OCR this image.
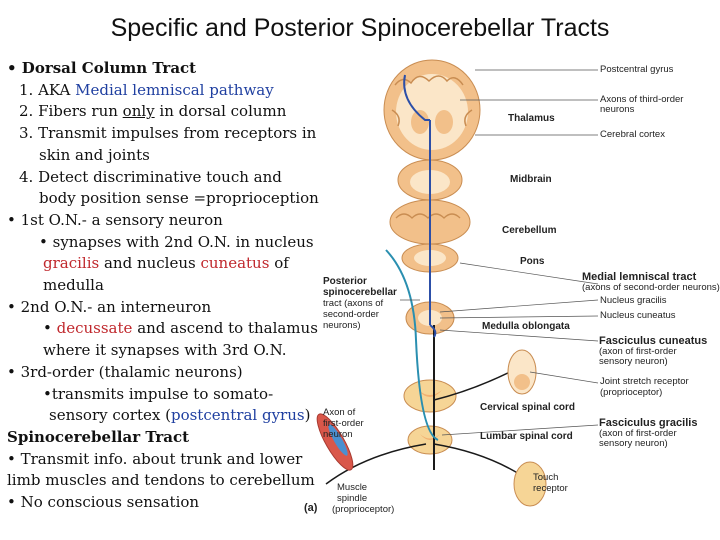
Specific and Posterior Spinocerebellar Tracts
• Dorsal Column Tract
1. AKA Medial lemniscal pathway
2. Fibers run only in dorsal column
3. Transmit impulses from receptors in
skin and joints
4. Detect discriminative touch and
body position sense =proprioception
• 1st O.N.- a sensory neuron
• synapses with 2nd O.N. in nucleus
gracilis and nucleus cuneatus of
medulla
• 2nd O.N.- an interneuron
• decussate and ascend to thalamus
where it synapses with 3rd O.N.
• 3rd-order (thalamic neurons)
•transmits impulse to somato-
sensory cortex (postcentral gyrus)
Spinocerebellar Tract
• Transmit info. about trunk and lower
limb muscles and tendons to cerebellum
• No conscious sensation
Postcentral gyrus
Axons of third-order
neurons
Thalamus
Cerebral cortex
Midbrain
Cerebellum
Pons
Medial lemniscal tract
(axons of second-order neurons)
Posterior
spinocerebellar
tract (axons of
second-order
neurons)
Nucleus gracilis
Nucleus cuneatus
Medulla oblongata
Fasciculus cuneatus
(axon of first-order
sensory neuron)
Joint stretch receptor
(proprioceptor)
Cervical spinal cord
Axon of
first-order
neuron
Fasciculus gracilis
(axon of first-order
sensory neuron)
Lumbar spinal cord
Touch
receptor
Muscle
spindle
(proprioceptor)
(a)
